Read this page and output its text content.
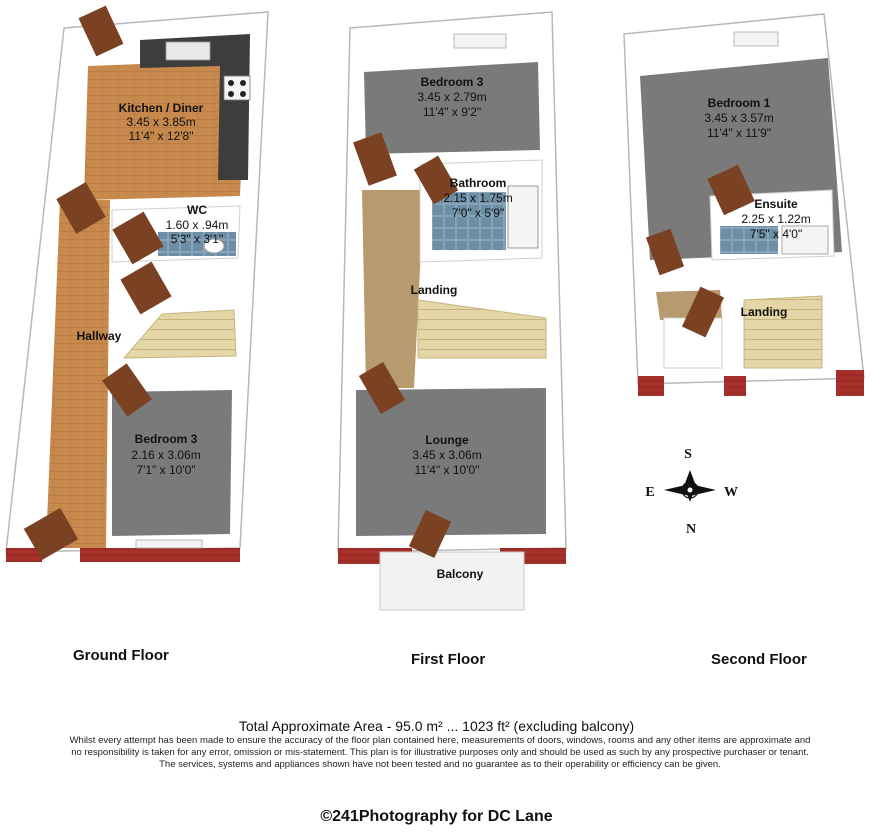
Kitchen / Diner
3.45 x 3.85m
11'4" x 12'8"
WC
1.60 x .94m
5'3" x 3'1"
Hallway
Bedroom 3
2.16 x 3.06m
7'1" x 10'0"
Bedroom 3
3.45 x 2.79m
11'4" x 9'2"
Bathroom
2.15 x 1.75m
7'0" x 5'9"
Landing
Lounge
3.45 x 3.06m
11'4" x 10'0"
Balcony
Bedroom 1
3.45 x 3.57m
11'4" x 11'9"
Ensuite
2.25 x 1.22m
7'5" x 4'0"
Landing
S
N
E	W
Ground Floor	First Floor	Second Floor
Total Approximate Area - 95.0 m² ... 1023 ft² (excluding balcony)
Whilst every attempt has been made to ensure the accuracy of the floor plan contained here, measurements of doors, windows, rooms and any other items are approximate and
no responsibility is taken for any error, omission or mis-statement. This plan is for illustrative purposes only and should be used as such by any prospective purchaser or tenant.
The services, systems and appliances shown have not been tested and no guarantee as to their operability or efficiency can be given.
©241Photography for DC Lane
